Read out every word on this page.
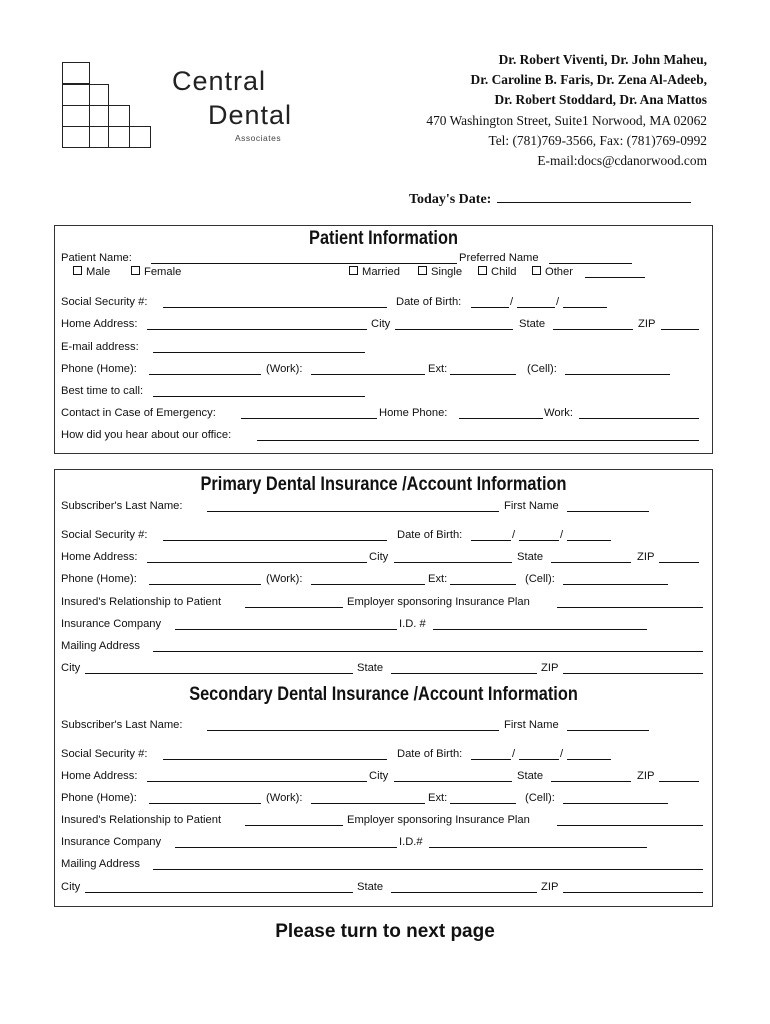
Central
Dental
Associates
Dr. Robert Viventi, Dr. John Maheu,
Dr. Caroline B. Faris, Dr. Zena Al-Adeeb,
Dr. Robert Stoddard, Dr. Ana Mattos
470 Washington Street, Suite1 Norwood, MA 02062
Tel: (781)769-3566, Fax: (781)769-0992
E-mail:docs@cdanorwood.com
Today's Date:
Patient Information
Patient Name:	Preferred Name
Male	Female	Married	Single	Child	Other
Social Security #:	Date of Birth:	/	/
Home Address:	City	State	ZIP
E-mail address:
Phone (Home):	(Work):	Ext:	(Cell):
Best time to call:
Contact in Case of Emergency:	Home Phone:	Work:
How did you hear about our office:
Primary Dental Insurance /Account Information
Subscriber's Last Name:	First Name
Social Security #:	Date of Birth:	/	/
Home Address:	City	State	ZIP
Phone (Home):	(Work):	Ext:	(Cell):
Insured's Relationship to Patient	Employer sponsoring Insurance Plan
Insurance Company	I.D. #
Mailing Address
City	State	ZIP
Secondary Dental Insurance /Account Information
Subscriber's Last Name:	First Name
Social Security #:	Date of Birth:	/	/
Home Address:	City	State	ZIP
Phone (Home):	(Work):	Ext:	(Cell):
Insured's Relationship to Patient	Employer sponsoring Insurance Plan
Insurance Company	I.D.#
Mailing Address
City	State	ZIP
Please turn to next page
